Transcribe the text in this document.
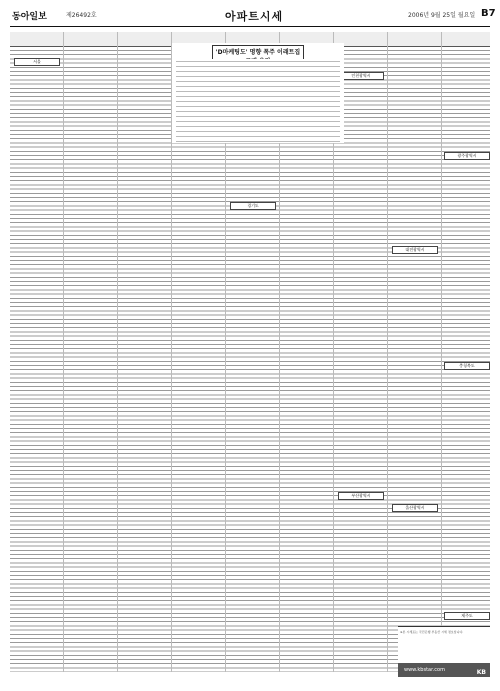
동아일보	제26492호	아파트시세	2006년 9월 25일 월요일 B7
서울
경기도
인천광역시
대전광역시
울산광역시
광주광역시
부산광역시
충청북도
제주도
'D마케팅도' 명향 폭주 이래트집
※본 시세표는 국민은행 부동산 시세 정보입니다.
www.kbstar.com	KB
